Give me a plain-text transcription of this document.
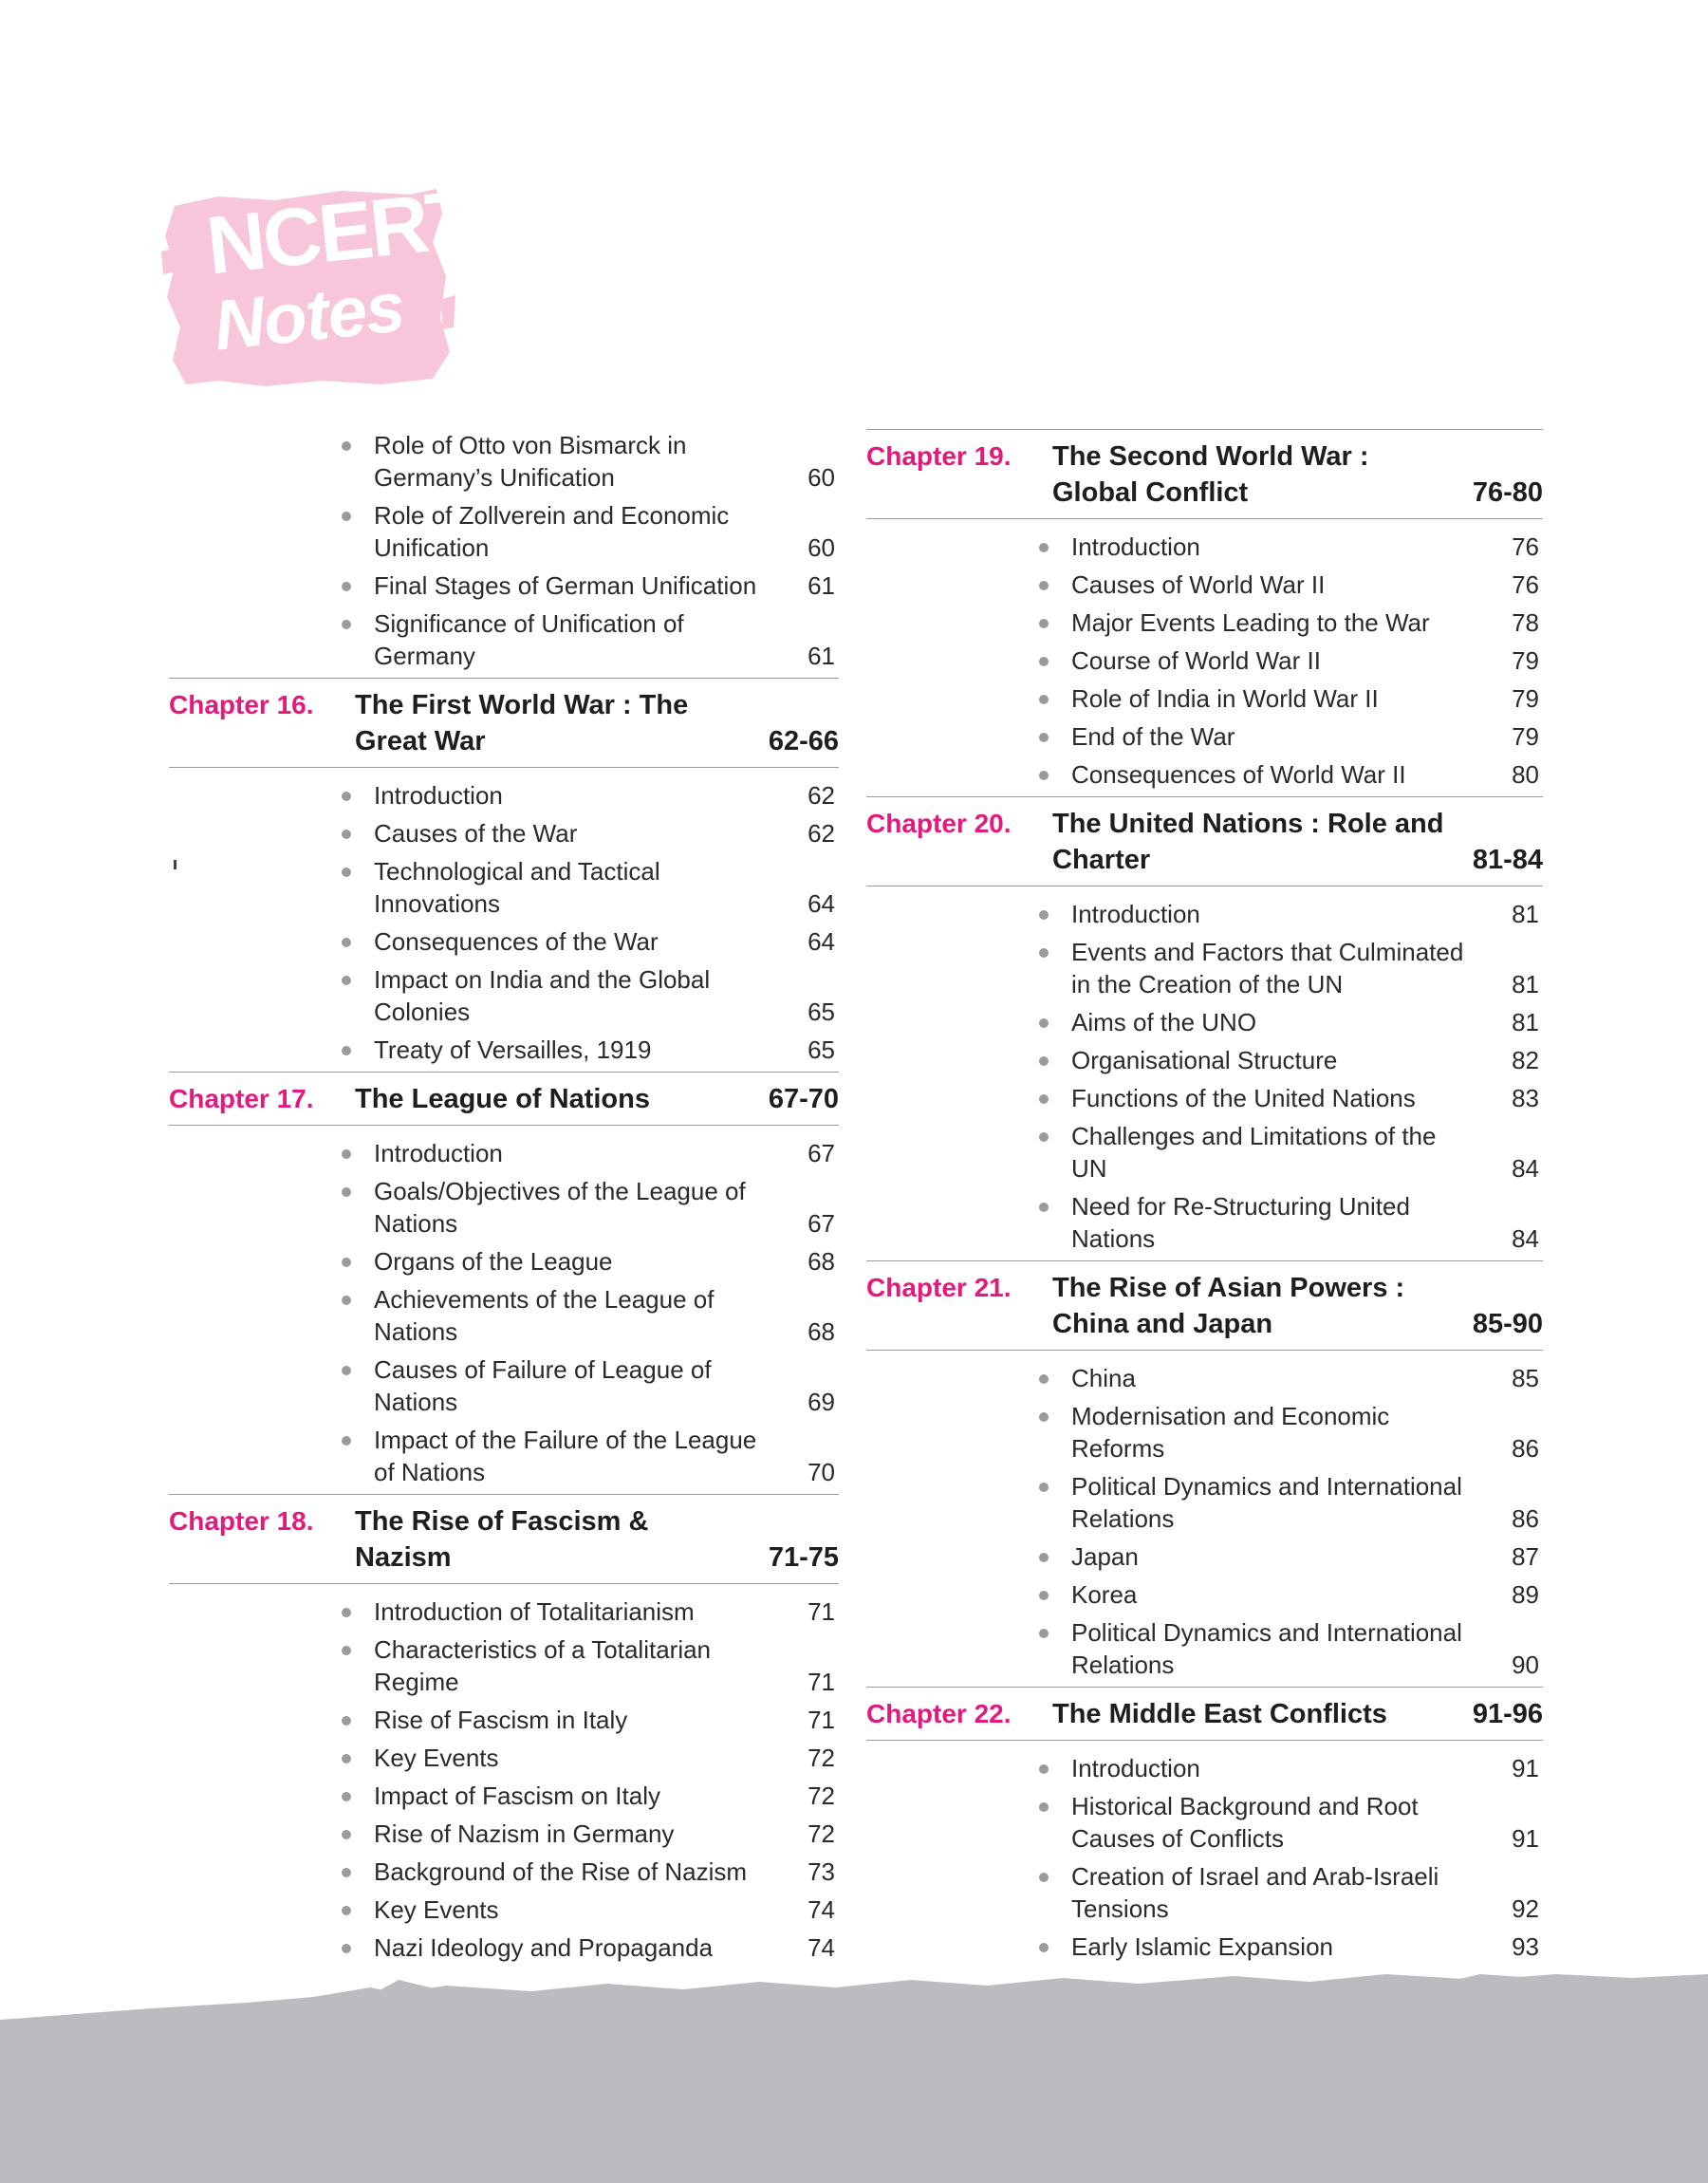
NCERT
Notes
Role of Otto von Bismarck in Germany’s Unification	60
Role of Zollverein and Economic Unification	60
Final Stages of German Unification 61
Significance of Unification of Germany	61
Chapter 16. The First World War : The Great War	62-66
Introduction	62
Causes of the War	62
Technological and Tactical Innovations	64
Consequences of the War	64
Impact on India and the Global Colonies	65
Treaty of Versailles, 1919	65
Chapter 17. The League of Nations	67-70
Introduction	67
Goals/Objectives of the League of Nations	67
Organs of the League	68
Achievements of the League of Nations	68
Causes of Failure of League of Nations	69
Impact of the Failure of the League of Nations	70
Chapter 18. The Rise of Fascism & Nazism	71-75
Introduction of Totalitarianism	71
Characteristics of a Totalitarian Regime	71
Rise of Fascism in Italy	71
Key Events	72
Impact of Fascism on Italy	72
Rise of Nazism in Germany	72
Background of the Rise of Nazism 73
Key Events	74
Nazi Ideology and Propaganda	74
Chapter 19. The Second World War : Global Conflict	76-80
Introduction	76
Causes of World War II	76
Major Events Leading to the War	78
Course of World War II	79
Role of India in World War II	79
End of the War	79
Consequences of World War II	80
Chapter 20. The United Nations : Role and Charter	81-84
Introduction	81
Events and Factors that Culminated in the Creation of the UN	81
Aims of the UNO	81
Organisational Structure	82
Functions of the United Nations	83
Challenges and Limitations of the UN	84
Need for Re-Structuring United Nations	84
Chapter 21. The Rise of Asian Powers : China and Japan	85-90
China	85
Modernisation and Economic Reforms	86
Political Dynamics and International Relations	86
Japan	87
Korea	89
Political Dynamics and International Relations	90
Chapter 22. The Middle East Conflicts	91-96
Introduction	91
Historical Background and Root Causes of Conflicts	91
Creation of Israel and Arab-Israeli Tensions	92
Early Islamic Expansion	93
